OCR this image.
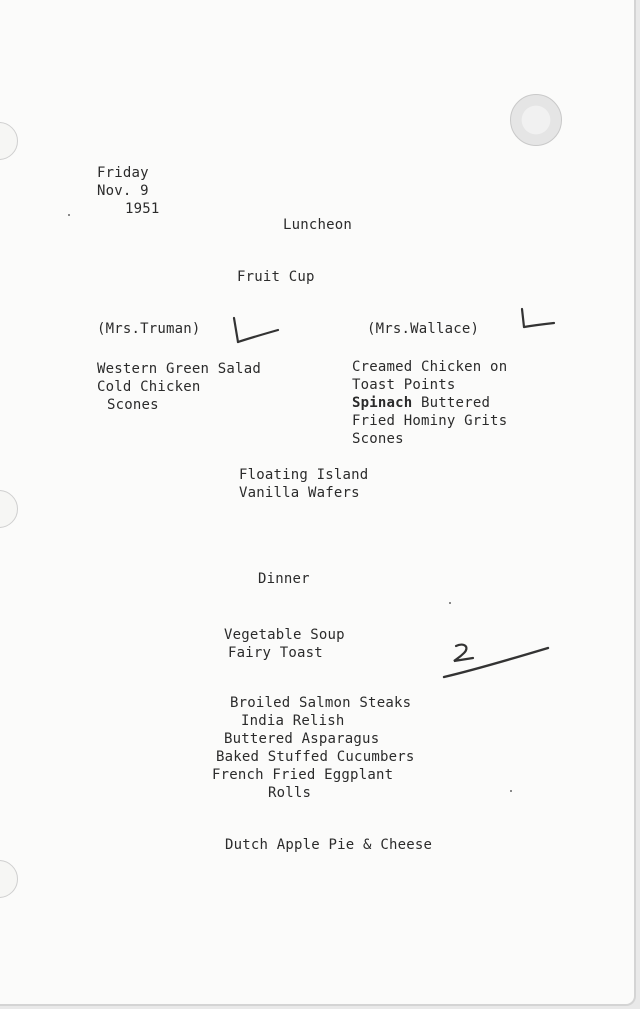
Friday
Nov. 9
1951
Luncheon
Fruit Cup
(Mrs.Truman)
Western Green Salad
Cold Chicken
Scones
(Mrs.Wallace)
Creamed Chicken on
Toast Points
Spinach Buttered
Fried Hominy Grits
Scones
Floating Island
Vanilla Wafers
Dinner
Vegetable Soup
Fairy Toast
Broiled Salmon Steaks
India Relish
Buttered Asparagus
Baked Stuffed Cucumbers
French Fried Eggplant
Rolls
Dutch Apple Pie & Cheese
